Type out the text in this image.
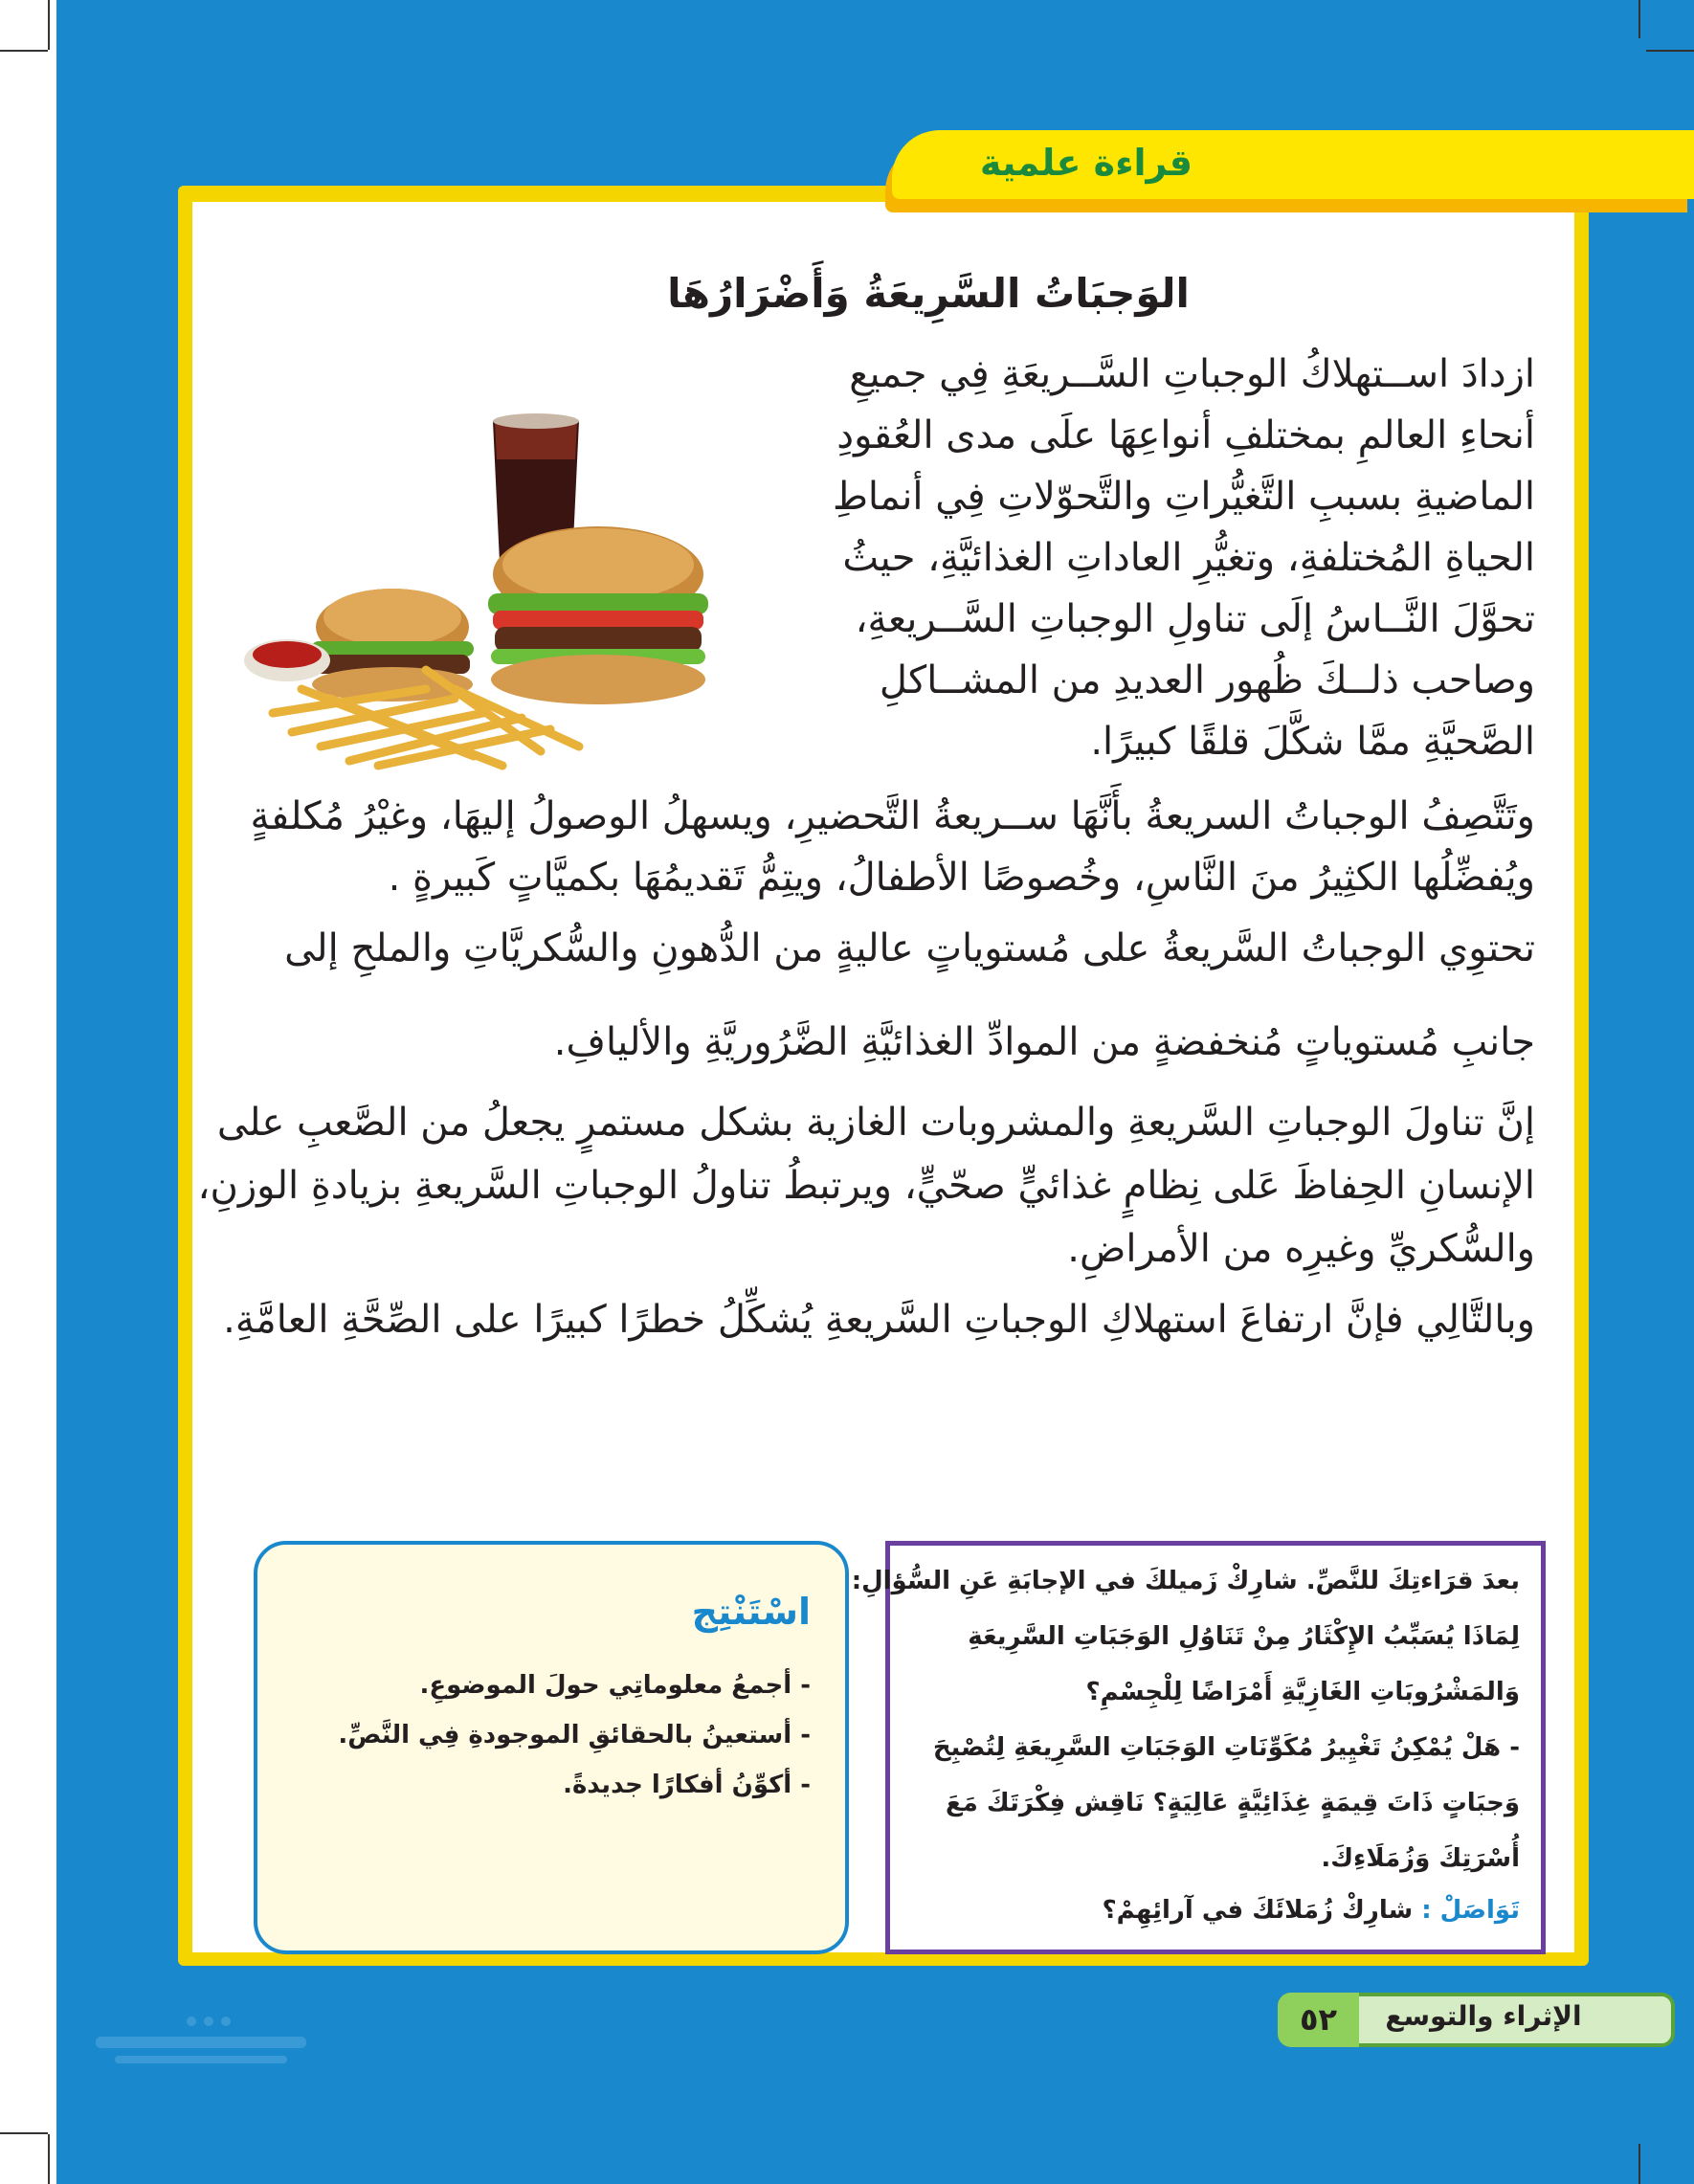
قراءة علمية
الوَجبَاتُ السَّرِيعَةُ وَأَضْرَارُهَا
ازدادَ اســتهلاكُ الوجباتِ السَّــريعَةِ فِي جميعِ
أنحاءِ العالمِ بمختلفِ أنواعِهَا علَى مدى العُقودِ
الماضيةِ بسببِ التَّغيُّراتِ والتَّحوّلاتِ فِي أنماطِ
الحياةِ المُختلفةِ، وتغيُّرِ العاداتِ الغذائيَّةِ، حيثُ
تحوَّلَ النَّــاسُ إلَى تناولِ الوجباتِ السَّــريعةِ،
وصاحب ذلــكَ ظُهور العديدِ من المشــاكلِ
الصَّحيَّةِ ممَّا شكَّلَ قلقًا كبيرًا.
وتَتَّصِفُ الوجباتُ السريعةُ بأَنَّهَا ســريعةُ التَّحضيرِ، ويسهلُ الوصولُ إليهَا، وغيْرُ مُكلفةٍ
ويُفضِّلُها الكثِيرُ منَ النَّاسِ، وخُصوصًا الأطفالُ، ويتِمُّ تَقديمُهَا بكميَّاتٍ كَبيرةٍ .
تحتوِي الوجباتُ السَّريعةُ على مُستوياتٍ عاليةٍ من الدُّهونِ والسُّكريَّاتِ والملحِ إلى
جانبِ مُستوياتٍ مُنخفضةٍ من الموادِّ الغذائيَّةِ الضَّرُوريَّةِ والأليافِ.
إنَّ تناولَ الوجباتِ السَّريعةِ والمشروبات الغازية بشكل مستمرٍ يجعلُ من الصَّعبِ على
الإنسانِ الحِفاظَ عَلى نِظامٍ غذائيٍّ صحّيٍّ، ويرتبطُ تناولُ الوجباتِ السَّريعةِ بزيادةِ الوزنِ،
والسُّكريِّ وغيرِه من الأمراضِ.
وبالتَّالِي فإنَّ ارتفاعَ استهلاكِ الوجباتِ السَّريعةِ يُشكِّلُ خطرًا كبيرًا على الصِّحَّةِ العامَّةِ.
اسْتَنْتِج
- أجمعُ معلوماتِي حولَ الموضوعِ.
- أستعينُ بالحقائقِ الموجودةِ فِي النَّصِّ.
- أكوِّنُ أفكارًا جديدةً.
بعدَ قرَاءتِكَ للنَّصِّ. شارِكْ زَميلكَ في الإجابَةِ عَنِ السُّؤالِ:
لِمَاذَا يُسَبِّبُ الإِكْثَارُ مِنْ تَنَاوُلِ الوَجَبَاتِ السَّرِيعَةِ
وَالمَشْرُوبَاتِ الغَازِيَّةِ أَمْرَاضًا لِلْجِسْمِ؟
- هَلْ يُمْكِنُ تَغْيِيرُ مُكَوِّنَاتِ الوَجَبَاتِ السَّرِيعَةِ لِتُصْبِحَ
وَجبَاتٍ ذَاتَ قِيمَةٍ غِذَائِيَّةٍ عَالِيَةٍ؟ نَاقِش فِكْرَتَكَ مَعَ
أُسْرَتِكَ وَزُمَلَاءِكَ.
تَوَاصَلْ : شارِكْ زُمَلائَكَ في آرائِهِمْ؟
٥٢	الإثراء والتوسع
